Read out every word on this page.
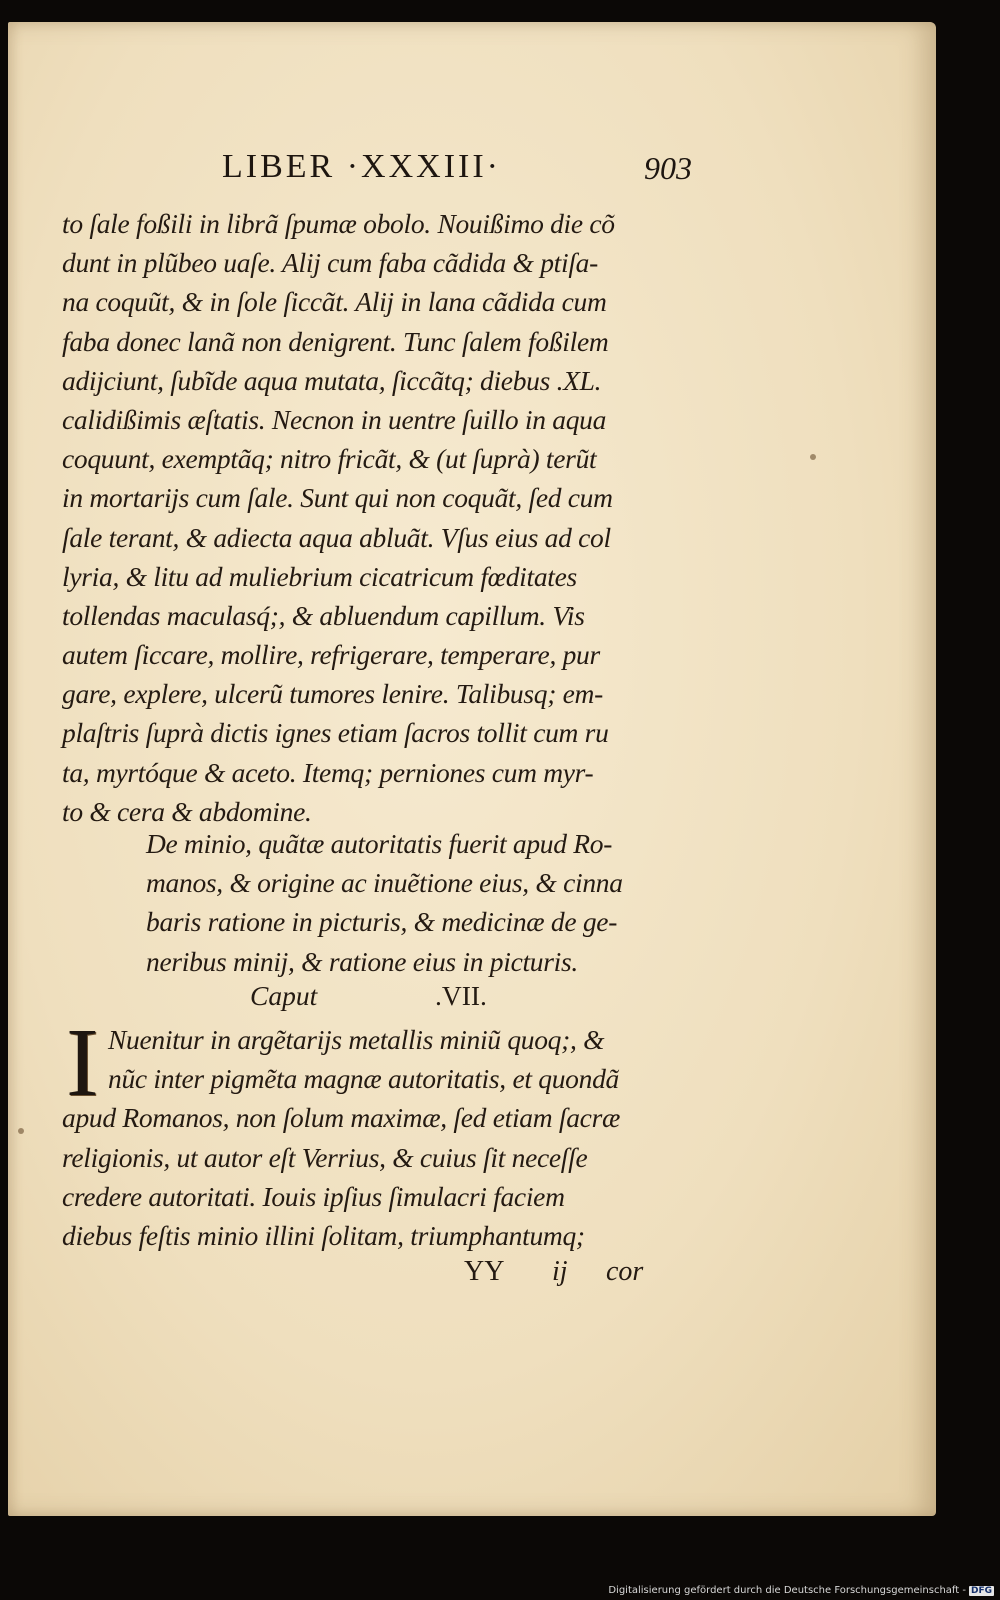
LIBER ·XXXIII·	903
to ſale foßili in librã ſpumæ obolo. Nouißimo die cõ
dunt in plũbeo uaſe. Alij cum faba cãdida & ptiſa-
na coquũt, & in ſole ſiccãt. Alij in lana cãdida cum
faba donec lanã non denigrent. Tunc ſalem foßilem
adijciunt, ſubĩde aqua mutata, ſiccãtq; diebus .XL.
calidißimis æſtatis. Necnon in uentre ſuillo in aqua
coquunt, exemptãq; nitro fricãt, & (ut ſuprà) terũt
in mortarijs cum ſale. Sunt qui non coquãt, ſed cum
ſale terant, & adiecta aqua abluãt. Vſus eius ad col
lyria, & litu ad muliebrium cicatricum fœditates
tollendas maculasq́;, & abluendum capillum. Vis
autem ſiccare, mollire, refrigerare, temperare, pur
gare, explere, ulcerũ tumores lenire. Talibusq; em-
plaſtris ſuprà dictis ignes etiam ſacros tollit cum ru
ta, myrtóque & aceto. Itemq; perniones cum myr-
to & cera & abdomine.
De minio, quãtæ autoritatis fuerit apud Ro-
manos, & origine ac inuẽtione eius, & cinna
baris ratione in picturis, & medicinæ de ge-
neribus minij, & ratione eius in picturis.
Caput	.VII.
I Nuenitur in argẽtarijs metallis miniũ quoq;, &
nũc inter pigmẽta magnæ autoritatis, et quondã
apud Romanos, non ſolum maximæ, ſed etiam ſacræ
religionis, ut autor eſt Verrius, & cuius ſit neceſſe
credere autoritati. Iouis ipſius ſimulacri faciem
diebus feſtis minio illini ſolitam, triumphantumq;
YY ij cor
Digitalisierung gefördert durch die Deutsche Forschungsgemeinschaft - DFG
